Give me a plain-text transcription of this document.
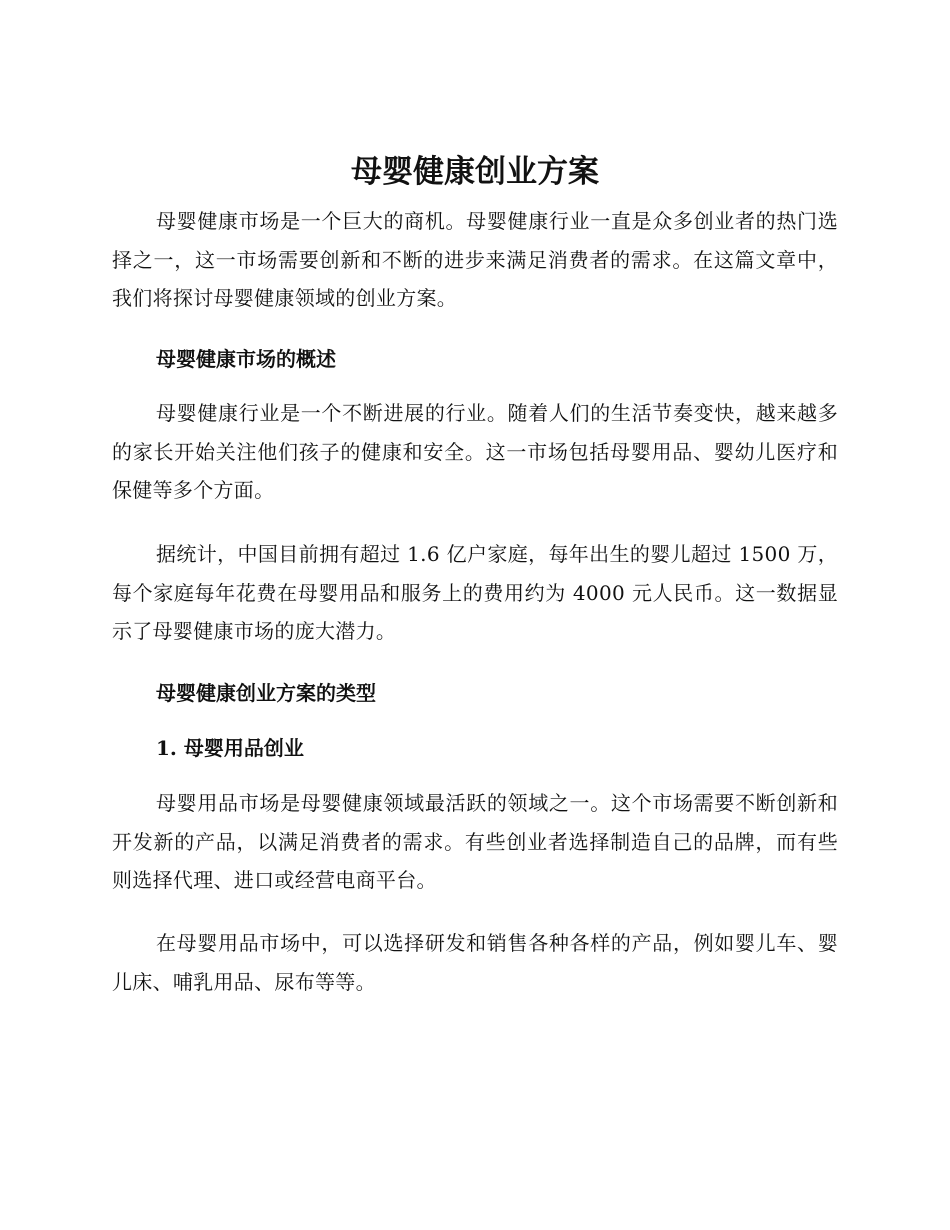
母婴健康创业方案

母婴健康市场是一个巨大的商机。母婴健康行业一直是众多创业者的热门选择之一，这一市场需要创新和不断的进步来满足消费者的需求。在这篇文章中，我们将探讨母婴健康领域的创业方案。

母婴健康市场的概述

母婴健康行业是一个不断进展的行业。随着人们的生活节奏变快，越来越多的家长开始关注他们孩子的健康和安全。这一市场包括母婴用品、婴幼儿医疗和保健等多个方面。

据统计，中国目前拥有超过 1.6 亿户家庭，每年出生的婴儿超过 1500 万，每个家庭每年花费在母婴用品和服务上的费用约为 4000 元人民币。这一数据显示了母婴健康市场的庞大潜力。

母婴健康创业方案的类型
1. 母婴用品创业

母婴用品市场是母婴健康领域最活跃的领域之一。这个市场需要不断创新和开发新的产品，以满足消费者的需求。有些创业者选择制造自己的品牌，而有些则选择代理、进口或经营电商平台。

在母婴用品市场中，可以选择研发和销售各种各样的产品，例如婴儿车、婴儿床、哺乳用品、尿布等等。
